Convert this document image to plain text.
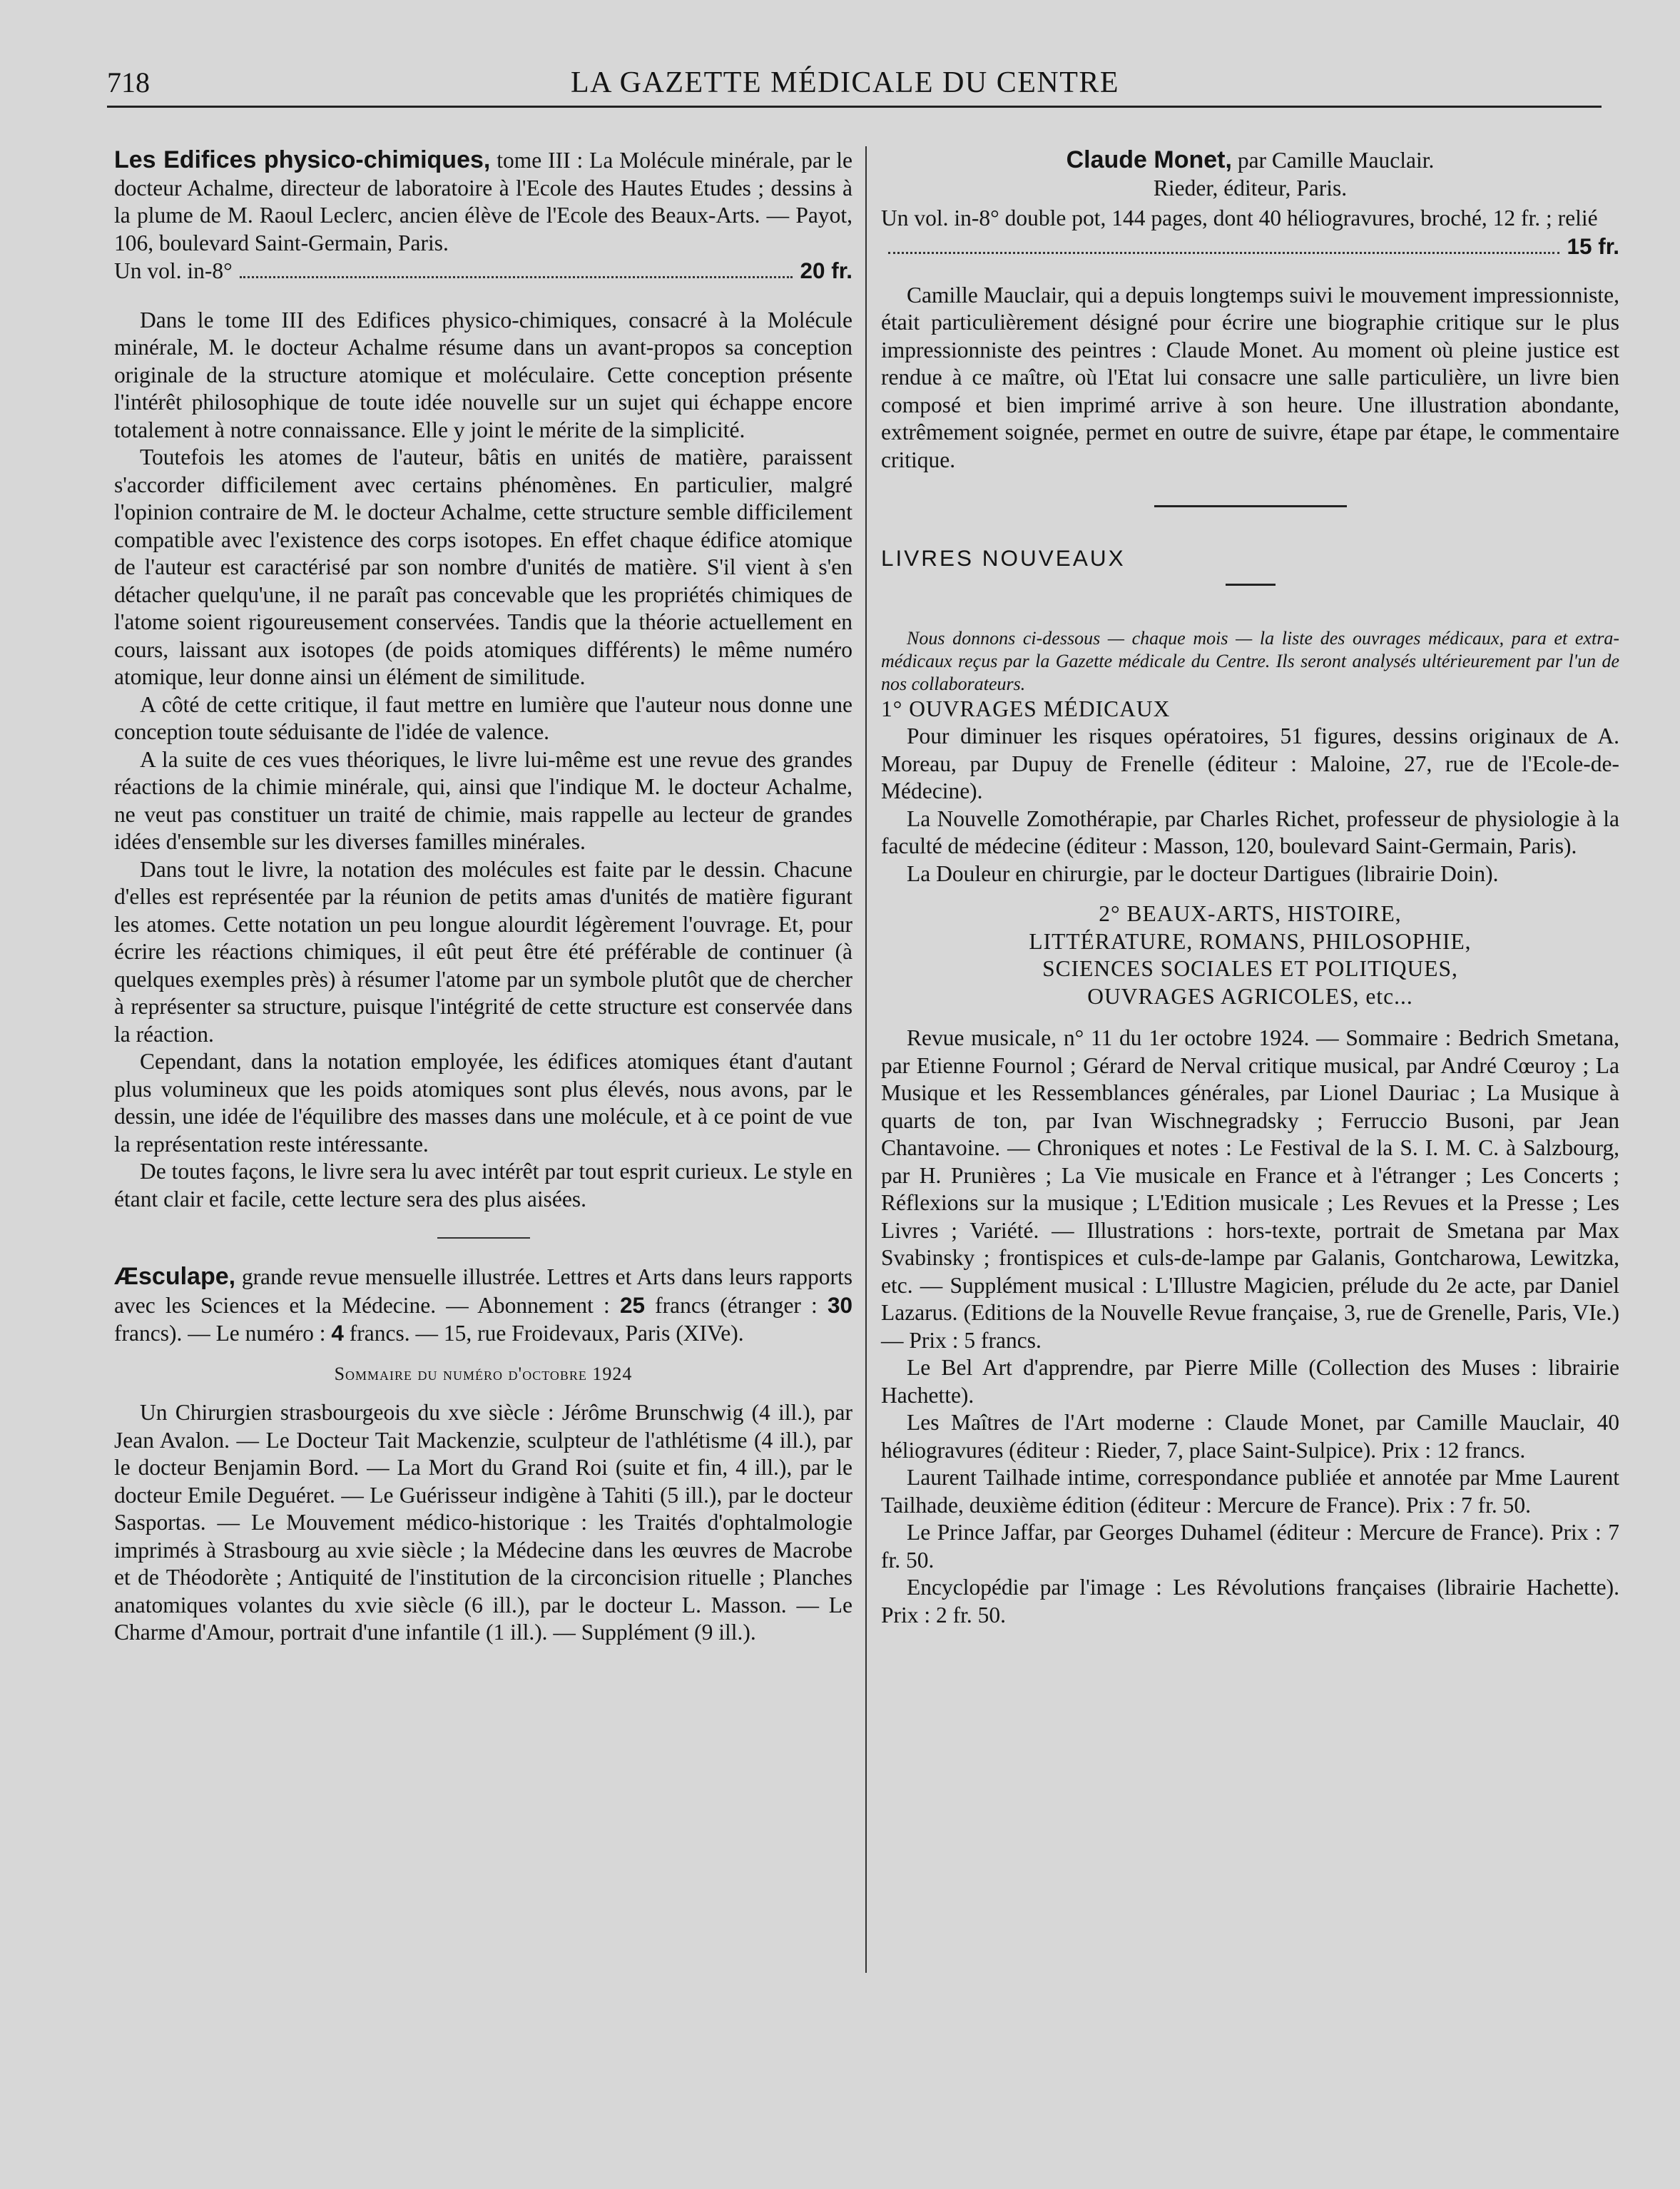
718	LA GAZETTE MÉDICALE DU CENTRE

Les Edifices physico-chimiques, tome III : La Molécule minérale, par le docteur Achalme, directeur de laboratoire à l'Ecole des Hautes Etudes ; dessins à la plume de M. Raoul Leclerc, ancien élève de l'Ecole des Beaux-Arts. — Payot, 106, boulevard Saint-Germain, Paris.

Un vol. in-8°	20 fr.

Dans le tome III des Edifices physico-chimiques, consacré à la Molécule minérale, M. le docteur Achalme résume dans un avant-propos sa conception originale de la structure atomique et moléculaire. Cette conception présente l'intérêt philosophique de toute idée nouvelle sur un sujet qui échappe encore totalement à notre connaissance. Elle y joint le mérite de la simplicité.

Toutefois les atomes de l'auteur, bâtis en unités de matière, paraissent s'accorder difficilement avec certains phénomènes. En particulier, malgré l'opinion contraire de M. le docteur Achalme, cette structure semble difficilement compatible avec l'existence des corps isotopes. En effet chaque édifice atomique de l'auteur est caractérisé par son nombre d'unités de matière. S'il vient à s'en détacher quelqu'une, il ne paraît pas concevable que les propriétés chimiques de l'atome soient rigoureusement conservées. Tandis que la théorie actuellement en cours, laissant aux isotopes (de poids atomiques différents) le même numéro atomique, leur donne ainsi un élément de similitude.

A côté de cette critique, il faut mettre en lumière que l'auteur nous donne une conception toute séduisante de l'idée de valence.

A la suite de ces vues théoriques, le livre lui-même est une revue des grandes réactions de la chimie minérale, qui, ainsi que l'indique M. le docteur Achalme, ne veut pas constituer un traité de chimie, mais rappelle au lecteur de grandes idées d'ensemble sur les diverses familles minérales.

Dans tout le livre, la notation des molécules est faite par le dessin. Chacune d'elles est représentée par la réunion de petits amas d'unités de matière figurant les atomes. Cette notation un peu longue alourdit légèrement l'ouvrage. Et, pour écrire les réactions chimiques, il eût peut être été préférable de continuer (à quelques exemples près) à résumer l'atome par un symbole plutôt que de chercher à représenter sa structure, puisque l'intégrité de cette structure est conservée dans la réaction.

Cependant, dans la notation employée, les édifices atomiques étant d'autant plus volumineux que les poids atomiques sont plus élevés, nous avons, par le dessin, une idée de l'équilibre des masses dans une molécule, et à ce point de vue la représentation reste intéressante.

De toutes façons, le livre sera lu avec intérêt par tout esprit curieux. Le style en étant clair et facile, cette lecture sera des plus aisées.

Æsculape, grande revue mensuelle illustrée. Lettres et Arts dans leurs rapports avec les Sciences et la Médecine. — Abonnement : 25 francs (étranger : 30 francs). — Le numéro : 4 francs. — 15, rue Froidevaux, Paris (XIVe).

Sommaire du numéro d'octobre 1924

Un Chirurgien strasbourgeois du xve siècle : Jérôme Brunschwig (4 ill.), par Jean Avalon. — Le Docteur Tait Mackenzie, sculpteur de l'athlétisme (4 ill.), par le docteur Benjamin Bord. — La Mort du Grand Roi (suite et fin, 4 ill.), par le docteur Emile Deguéret. — Le Guérisseur indigène à Tahiti (5 ill.), par le docteur Sasportas. — Le Mouvement médico-historique : les Traités d'ophtalmologie imprimés à Strasbourg au xvie siècle ; la Médecine dans les œuvres de Macrobe et de Théodorète ; Antiquité de l'institution de la circoncision rituelle ; Planches anatomiques volantes du xvie siècle (6 ill.), par le docteur L. Masson. — Le Charme d'Amour, portrait d'une infantile (1 ill.). — Supplément (9 ill.).

Claude Monet, par Camille Mauclair.

Rieder, éditeur, Paris.

Un vol. in-8° double pot, 144 pages, dont 40 héliogravures, broché, 12 fr. ; relié
15 fr.

Camille Mauclair, qui a depuis longtemps suivi le mouvement impressionniste, était particulièrement désigné pour écrire une biographie critique sur le plus impressionniste des peintres : Claude Monet. Au moment où pleine justice est rendue à ce maître, où l'Etat lui consacre une salle particulière, un livre bien composé et bien imprimé arrive à son heure. Une illustration abondante, extrêmement soignée, permet en outre de suivre, étape par étape, le commentaire critique.

LIVRES NOUVEAUX

Nous donnons ci-dessous — chaque mois — la liste des ouvrages médicaux, para et extra-médicaux reçus par la Gazette médicale du Centre. Ils seront analysés ultérieurement par l'un de nos collaborateurs.

1° OUVRAGES MÉDICAUX

Pour diminuer les risques opératoires, 51 figures, dessins originaux de A. Moreau, par Dupuy de Frenelle (éditeur : Maloine, 27, rue de l'Ecole-de-Médecine).

La Nouvelle Zomothérapie, par Charles Richet, professeur de physiologie à la faculté de médecine (éditeur : Masson, 120, boulevard Saint-Germain, Paris).

La Douleur en chirurgie, par le docteur Dartigues (librairie Doin).

2° BEAUX-ARTS, HISTOIRE,
LITTÉRATURE, ROMANS, PHILOSOPHIE,
SCIENCES SOCIALES ET POLITIQUES,
OUVRAGES AGRICOLES, etc...

Revue musicale, n° 11 du 1er octobre 1924. — Sommaire : Bedrich Smetana, par Etienne Fournol ; Gérard de Nerval critique musical, par André Cœuroy ; La Musique et les Ressemblances générales, par Lionel Dauriac ; La Musique à quarts de ton, par Ivan Wischnegradsky ; Ferruccio Busoni, par Jean Chantavoine. — Chroniques et notes : Le Festival de la S. I. M. C. à Salzbourg, par H. Prunières ; La Vie musicale en France et à l'étranger ; Les Concerts ; Réflexions sur la musique ; L'Edition musicale ; Les Revues et la Presse ; Les Livres ; Variété. — Illustrations : hors-texte, portrait de Smetana par Max Svabinsky ; frontispices et culs-de-lampe par Galanis, Gontcharowa, Lewitzka, etc. — Supplément musical : L'Illustre Magicien, prélude du 2e acte, par Daniel Lazarus. (Editions de la Nouvelle Revue française, 3, rue de Grenelle, Paris, VIe.) — Prix : 5 francs.

Le Bel Art d'apprendre, par Pierre Mille (Collection des Muses : librairie Hachette).

Les Maîtres de l'Art moderne : Claude Monet, par Camille Mauclair, 40 héliogravures (éditeur : Rieder, 7, place Saint-Sulpice). Prix : 12 francs.

Laurent Tailhade intime, correspondance publiée et annotée par Mme Laurent Tailhade, deuxième édition (éditeur : Mercure de France). Prix : 7 fr. 50.

Le Prince Jaffar, par Georges Duhamel (éditeur : Mercure de France). Prix : 7 fr. 50.

Encyclopédie par l'image : Les Révolutions françaises (librairie Hachette). Prix : 2 fr. 50.
